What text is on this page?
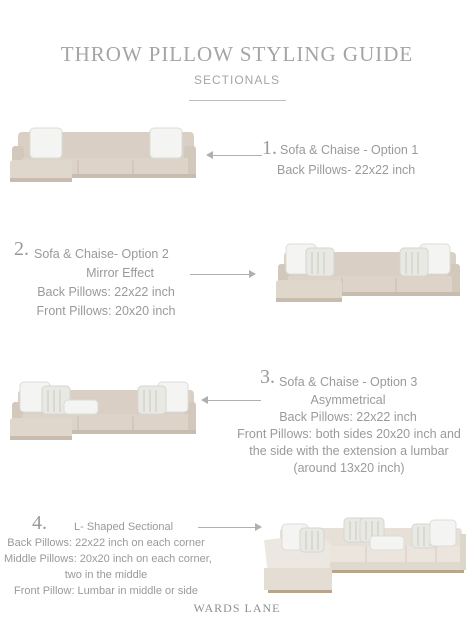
THROW PILLOW STYLING GUIDE
SECTIONALS
1. Sofa & Chaise - Option 1
Back Pillows- 22x22 inch
2. Sofa & Chaise- Option 2
Mirror Effect
Back Pillows: 22x22 inch
Front Pillows: 20x20 inch
3. Sofa & Chaise - Option 3
Asymmetrical
Back Pillows: 22x22 inch
Front Pillows: both sides 20x20 inch and
the side with the extension a lumbar
(around 13x20 inch)
4. L- Shaped Sectional
Back Pillows: 22x22 inch on each corner
Middle Pillows: 20x20 inch on each corner,
two in the middle
Front Pillow: Lumbar in middle or side
WARDS LANE
